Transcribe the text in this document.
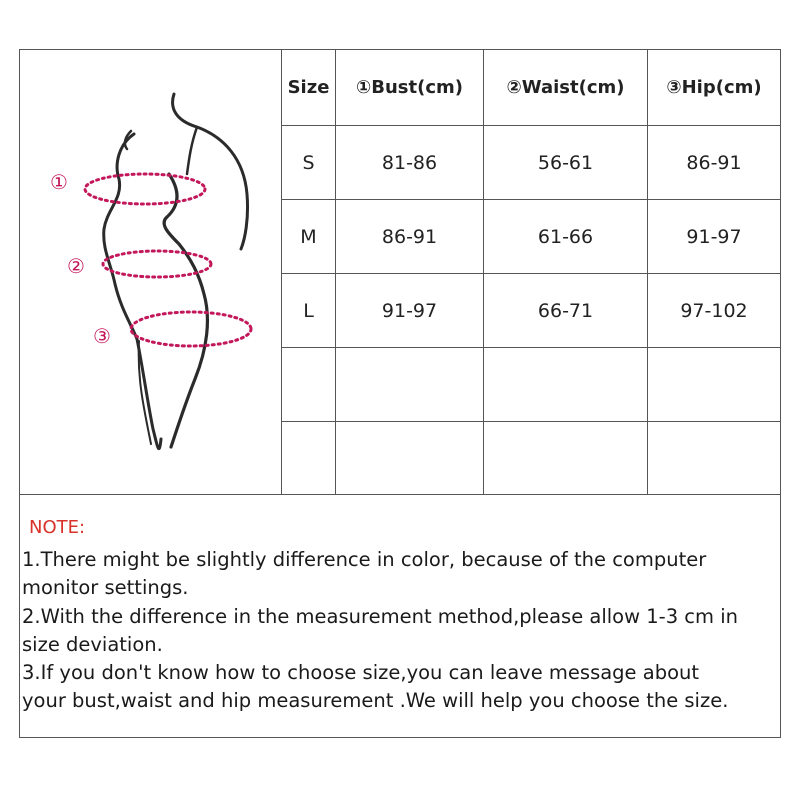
①
②
③
Size	①Bust(cm)	②Waist(cm)	③Hip(cm)
S	81-86	56-61	86-91
M	86-91	61-66	91-97
L	91-97	66-71	97-102

NOTE:
1.There might be slightly difference in color, because of the computer
monitor settings.
2.With the difference in the measurement method,please allow 1-3 cm in
size deviation.
3.If you don't know how to choose size,you can leave message about
your bust,waist and hip measurement .We will help you choose the size.
